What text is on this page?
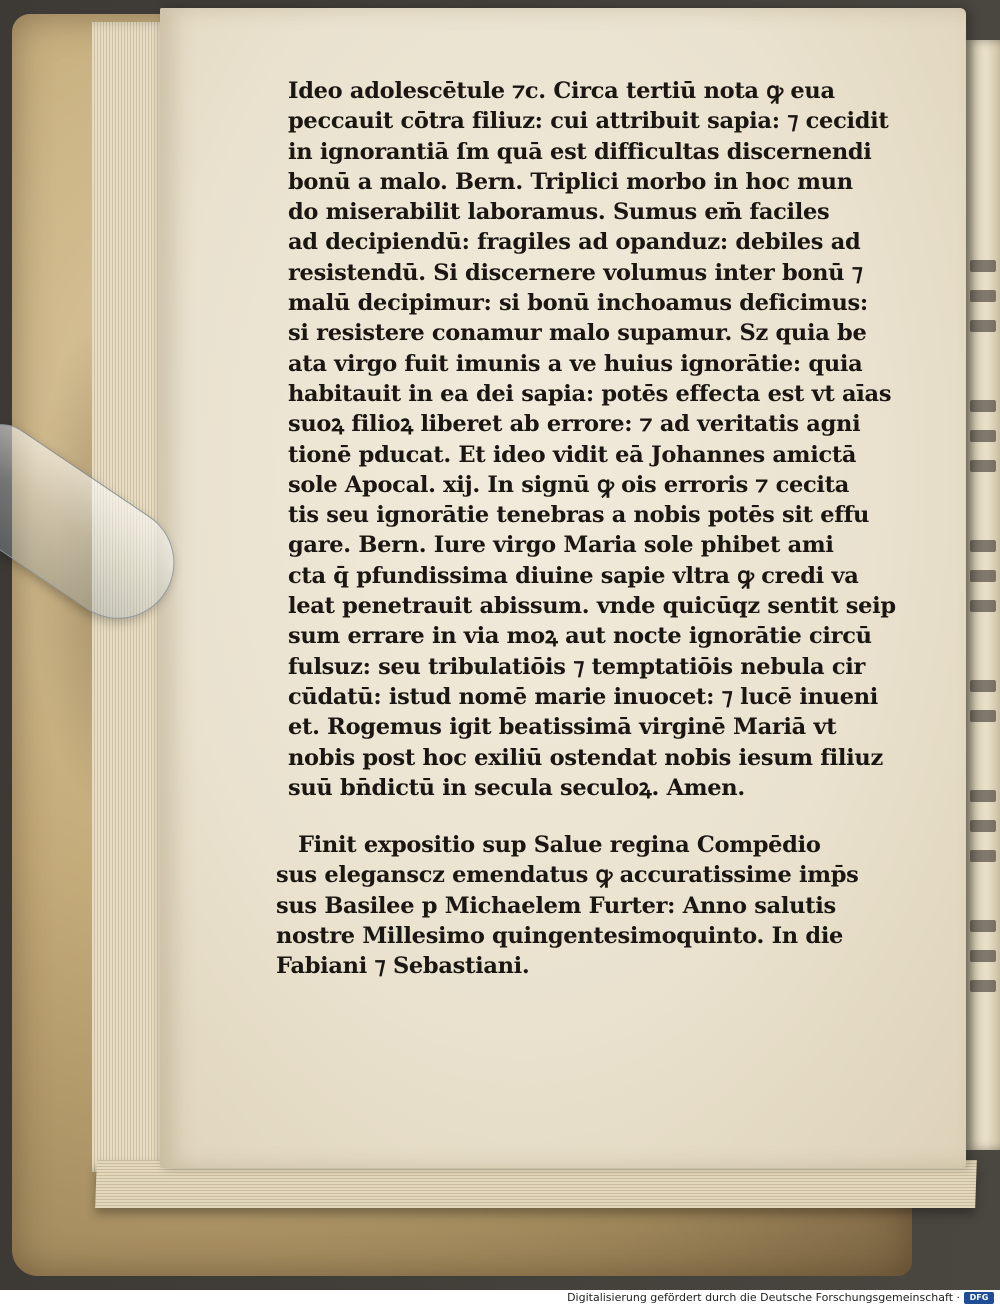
Ideo adolescētule ⁊c. Circa tertiū nota ꝙ eua
peccauit cōtra filiuz: cui attribuit sapia: ⁊ cecidit
in ignorantiā ſm quā est difficultas discernendi
bonū a malo. Bern. Triplici morbo in hoc mun
do miserabilit laboramus. Sumus em̄ faciles
ad decipiendū: fragiles ad opanduz: debiles ad
resistendū. Si discernere volumus inter bonū ⁊
malū decipimur: si bonū inchoamus deficimus:
si resistere conamur malo supamur. Sz quia be
ata virgo fuit imunis a ve huius ignorātie: quia
habitauit in ea dei sapia: potēs effecta est vt aīas
suoꝝ filioꝝ liberet ab errore: ⁊ ad veritatis agni
tionē pducat. Et ideo vidit eā Johannes amictā
sole Apocal. xij. In signū ꝙ ois erroris ⁊ cecita
tis seu ignorātie tenebras a nobis potēs sit effu
gare. Bern. Iure virgo Maria sole phibet ami
cta q̄ pfundissima diuine sapie vltra ꝙ credi va
leat penetrauit abissum. vnde quicūqz sentit seip
sum errare in via moꝝ aut nocte ignorātie circū
fulsuz: seu tribulatiōis ⁊ temptatiōis nebula cir
cūdatū: istud nomē marie inuocet: ⁊ lucē inueni
et. Rogemus igit beatissimā virginē Mariā vt
nobis post hoc exiliū ostendat nobis iesum filiuz
suū bn̄dictū in secula seculoꝝ. Amen.
Finit expositio sup Salue regina Compēdio
sus eleganscz emendatus ꝙ accuratissime imp̄s
sus Basilee p Michaelem Furter: Anno salutis
nostre Millesimo quingentesimoquinto. In die
Fabiani ⁊ Sebastiani.
Digitalisierung gefördert durch die Deutsche Forschungsgemeinschaft ·	DFG
